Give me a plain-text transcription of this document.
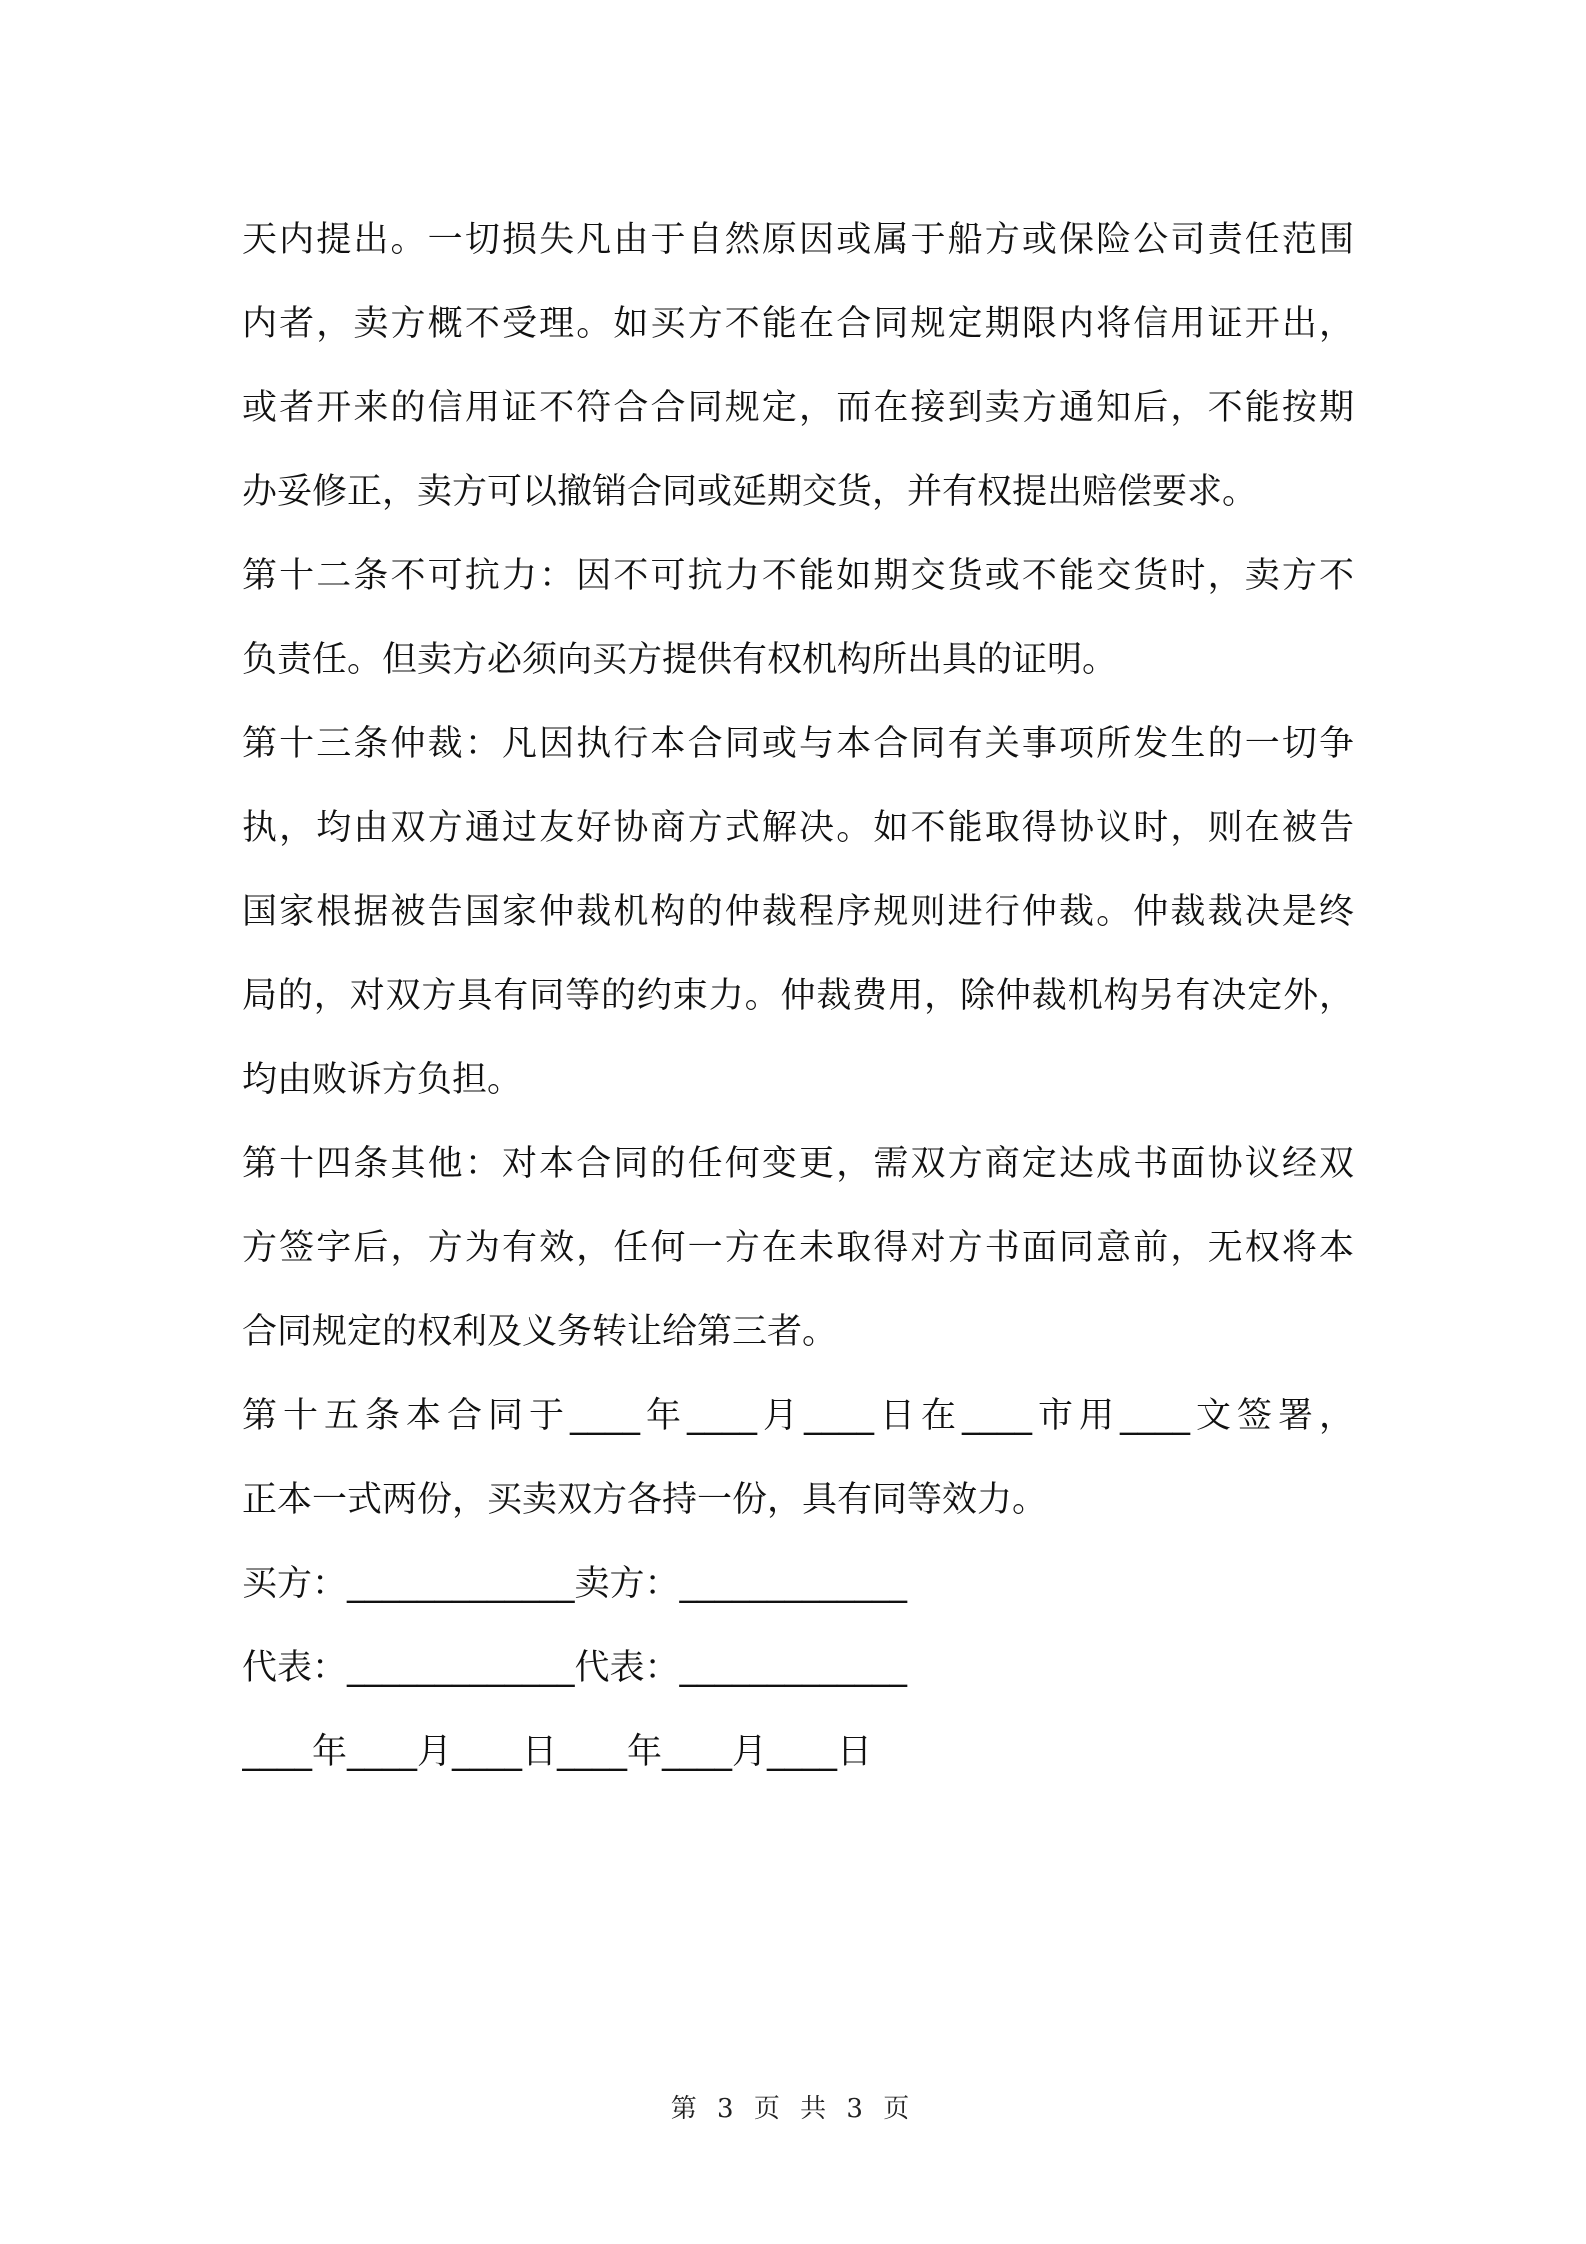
天内提出。一切损失凡由于自然原因或属于船方或保险公司责任范围
内者，卖方概不受理。如买方不能在合同规定期限内将信用证开出，
或者开来的信用证不符合合同规定，而在接到卖方通知后，不能按期
办妥修正，卖方可以撤销合同或延期交货，并有权提出赔偿要求。
第十二条不可抗力：因不可抗力不能如期交货或不能交货时，卖方不
负责任。但卖方必须向买方提供有权机构所出具的证明。
第十三条仲裁：凡因执行本合同或与本合同有关事项所发生的一切争
执，均由双方通过友好协商方式解决。如不能取得协议时，则在被告
国家根据被告国家仲裁机构的仲裁程序规则进行仲裁。仲裁裁决是终
局的，对双方具有同等的约束力。仲裁费用，除仲裁机构另有决定外，
均由败诉方负担。
第十四条其他：对本合同的任何变更，需双方商定达成书面协议经双
方签字后，方为有效，任何一方在未取得对方书面同意前，无权将本
合同规定的权利及义务转让给第三者。
第十五条本合同于____年____月____日在____市用____文签署，
正本一式两份，买卖双方各持一份，具有同等效力。
买方：_____________卖方：_____________
代表：_____________代表：_____________
____年____月____日____年____月____日
第 3 页 共 3 页
